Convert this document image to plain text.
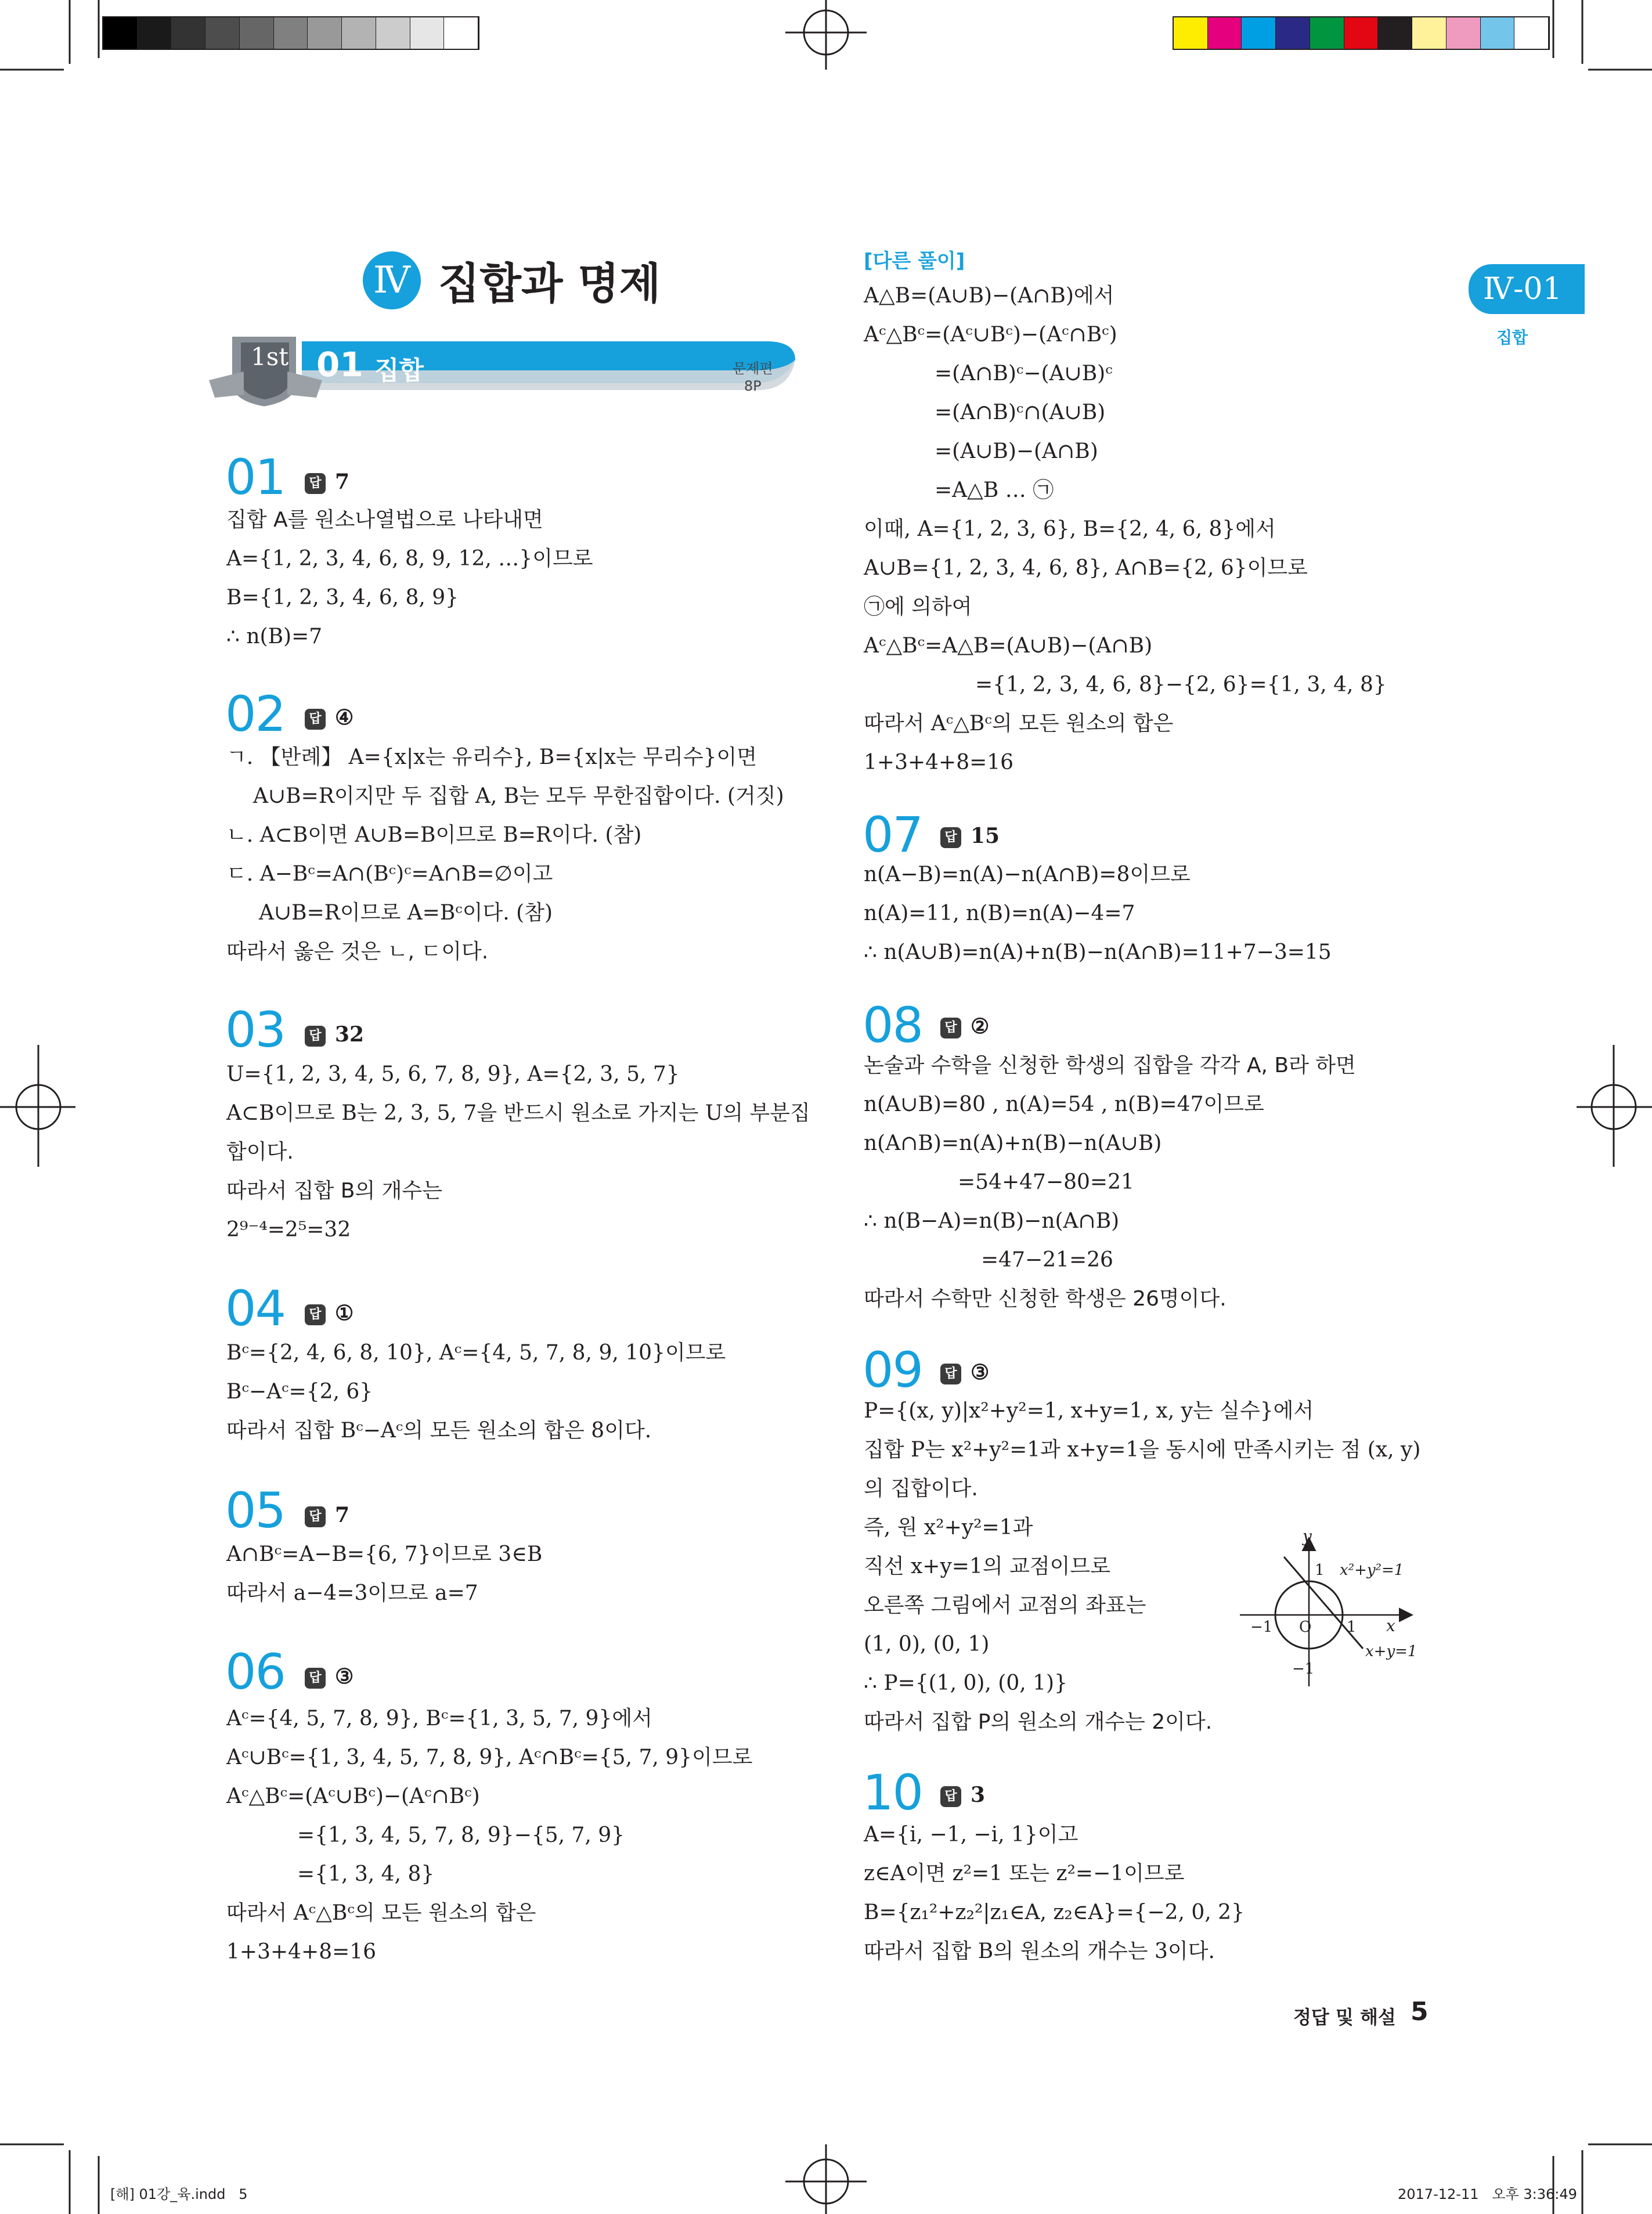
Ⅳ 집합과 명제
1st 01 집합	문제편
8P
Ⅳ-01
집합
01	답 7
집합 A를 원소나열법으로 나타내면
A={1, 2, 3, 4, 6, 8, 9, 12, …}이므로
B={1, 2, 3, 4, 6, 8, 9}
∴ n(B)=7
02	답 ④
ㄱ. 【반례】 A={x|x는 유리수}, B={x|x는 무리수}이면
A∪B=R이지만 두 집합 A, B는 모두 무한집합이다. (거짓)
ㄴ. A⊂B이면 A∪B=B이므로 B=R이다. (참)
ㄷ. A−Bᶜ=A∩(Bᶜ)ᶜ=A∩B=∅이고
A∪B=R이므로 A=Bᶜ이다. (참)
따라서 옳은 것은 ㄴ, ㄷ이다.
03	답 32
U={1, 2, 3, 4, 5, 6, 7, 8, 9}, A={2, 3, 5, 7}
A⊂B이므로 B는 2, 3, 5, 7을 반드시 원소로 가지는 U의 부분집
합이다.
따라서 집합 B의 개수는
2⁹⁻⁴=2⁵=32
04	답 ①
Bᶜ={2, 4, 6, 8, 10}, Aᶜ={4, 5, 7, 8, 9, 10}이므로
Bᶜ−Aᶜ={2, 6}
따라서 집합 Bᶜ−Aᶜ의 모든 원소의 합은 8이다.
05	답 7
A∩Bᶜ=A−B={6, 7}이므로 3∈B
따라서 a−4=3이므로 a=7
06	답 ③
Aᶜ={4, 5, 7, 8, 9}, Bᶜ={1, 3, 5, 7, 9}에서
Aᶜ∪Bᶜ={1, 3, 4, 5, 7, 8, 9}, Aᶜ∩Bᶜ={5, 7, 9}이므로
Aᶜ△Bᶜ=(Aᶜ∪Bᶜ)−(Aᶜ∩Bᶜ)
={1, 3, 4, 5, 7, 8, 9}−{5, 7, 9}
={1, 3, 4, 8}
따라서 Aᶜ△Bᶜ의 모든 원소의 합은
1+3+4+8=16
[다른 풀이]
A△B=(A∪B)−(A∩B)에서
Aᶜ△Bᶜ=(Aᶜ∪Bᶜ)−(Aᶜ∩Bᶜ)
=(A∩B)ᶜ−(A∪B)ᶜ
=(A∩B)ᶜ∩(A∪B)
=(A∪B)−(A∩B)
=A△B … ㉠
이때, A={1, 2, 3, 6}, B={2, 4, 6, 8}에서
A∪B={1, 2, 3, 4, 6, 8}, A∩B={2, 6}이므로
㉠에 의하여
Aᶜ△Bᶜ=A△B=(A∪B)−(A∩B)
={1, 2, 3, 4, 6, 8}−{2, 6}={1, 3, 4, 8}
따라서 Aᶜ△Bᶜ의 모든 원소의 합은
1+3+4+8=16
07	답 15
n(A−B)=n(A)−n(A∩B)=8이므로
n(A)=11, n(B)=n(A)−4=7
∴ n(A∪B)=n(A)+n(B)−n(A∩B)=11+7−3=15
08	답 ②
논술과 수학을 신청한 학생의 집합을 각각 A, B라 하면
n(A∪B)=80 , n(A)=54 , n(B)=47이므로
n(A∩B)=n(A)+n(B)−n(A∪B)
=54+47−80=21
∴ n(B−A)=n(B)−n(A∩B)
=47−21=26
따라서 수학만 신청한 학생은 26명이다.
09	답 ③
P={(x, y)|x²+y²=1, x+y=1, x, y는 실수}에서
집합 P는 x²+y²=1과 x+y=1을 동시에 만족시키는 점 (x, y)
의 집합이다.
즉, 원 x²+y²=1과
직선 x+y=1의 교점이므로
오른쪽 그림에서 교점의 좌표는
(1, 0), (0, 1)
∴ P={(1, 0), (0, 1)}
따라서 집합 P의 원소의 개수는 2이다.
y
1 x²+y²=1
−1 O 1 x
x+y=1
−1
10	답 3
A={i, −1, −i, 1}이고
z∈A이면 z²=1 또는 z²=−1이므로
B={z₁²+z₂²|z₁∈A, z₂∈A}={−2, 0, 2}
따라서 집합 B의 원소의 개수는 3이다.
정답 및 해설 5
[해] 01강_육.indd   5	2017-12-11   오후 3:36:49
